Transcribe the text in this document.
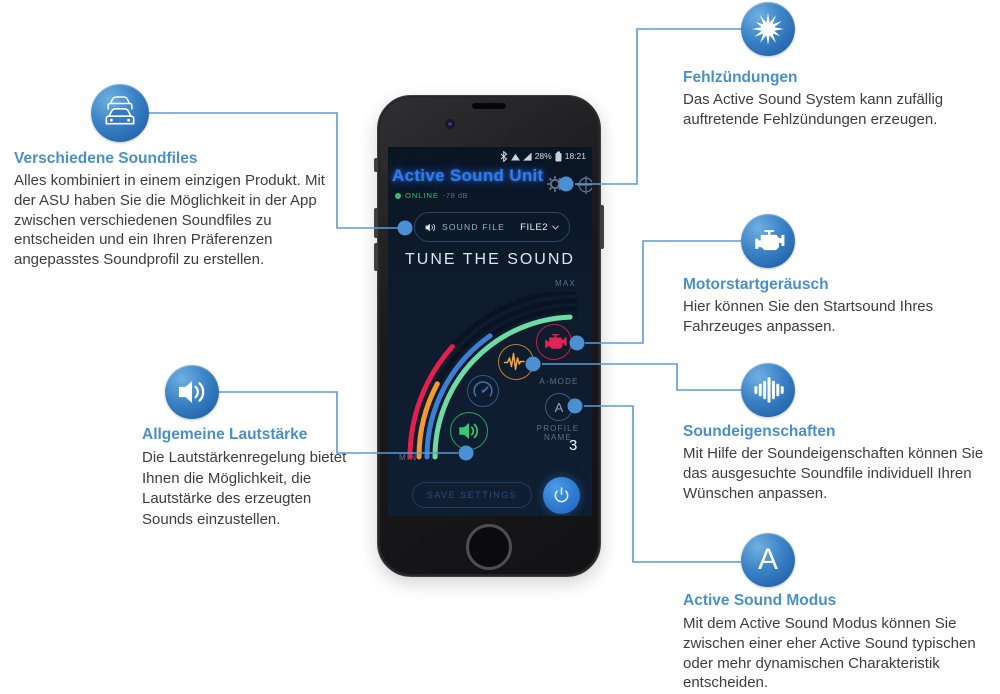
28% 18:21
Active Sound Unit
ONLINE -78 dB
SOUND FILE FILE2
TUNE THE SOUND
MAX
MIN
A-MODE
A
PROFILE NAME
3
SAVE SETTINGS
A
Verschiedene Soundfiles
Alles kombiniert in einem einzigen Produkt. Mit der ASU haben Sie die Möglichkeit in der App zwischen verschiedenen Soundfiles zu entscheiden und ein Ihren Präferenzen angepasstes Soundprofil zu erstellen.
Fehlzündungen
Das Active Sound System kann zufällig auftretende Fehlzündungen erzeugen.
Motorstartgeräusch
Hier können Sie den Startsound Ihres Fahrzeuges anpassen.
Soundeigenschaften
Mit Hilfe der Soundeigenschaften können Sie das ausgesuchte Soundfile individuell Ihren Wünschen anpassen.
Active Sound Modus
Mit dem Active Sound Modus können Sie zwischen einer eher Active Sound typischen oder mehr dynamischen Charakteristik entscheiden.
Allgemeine Lautstärke
Die Lautstärkenregelung bietet Ihnen die Möglichkeit, die Lautstärke des erzeugten Sounds einzustellen.
